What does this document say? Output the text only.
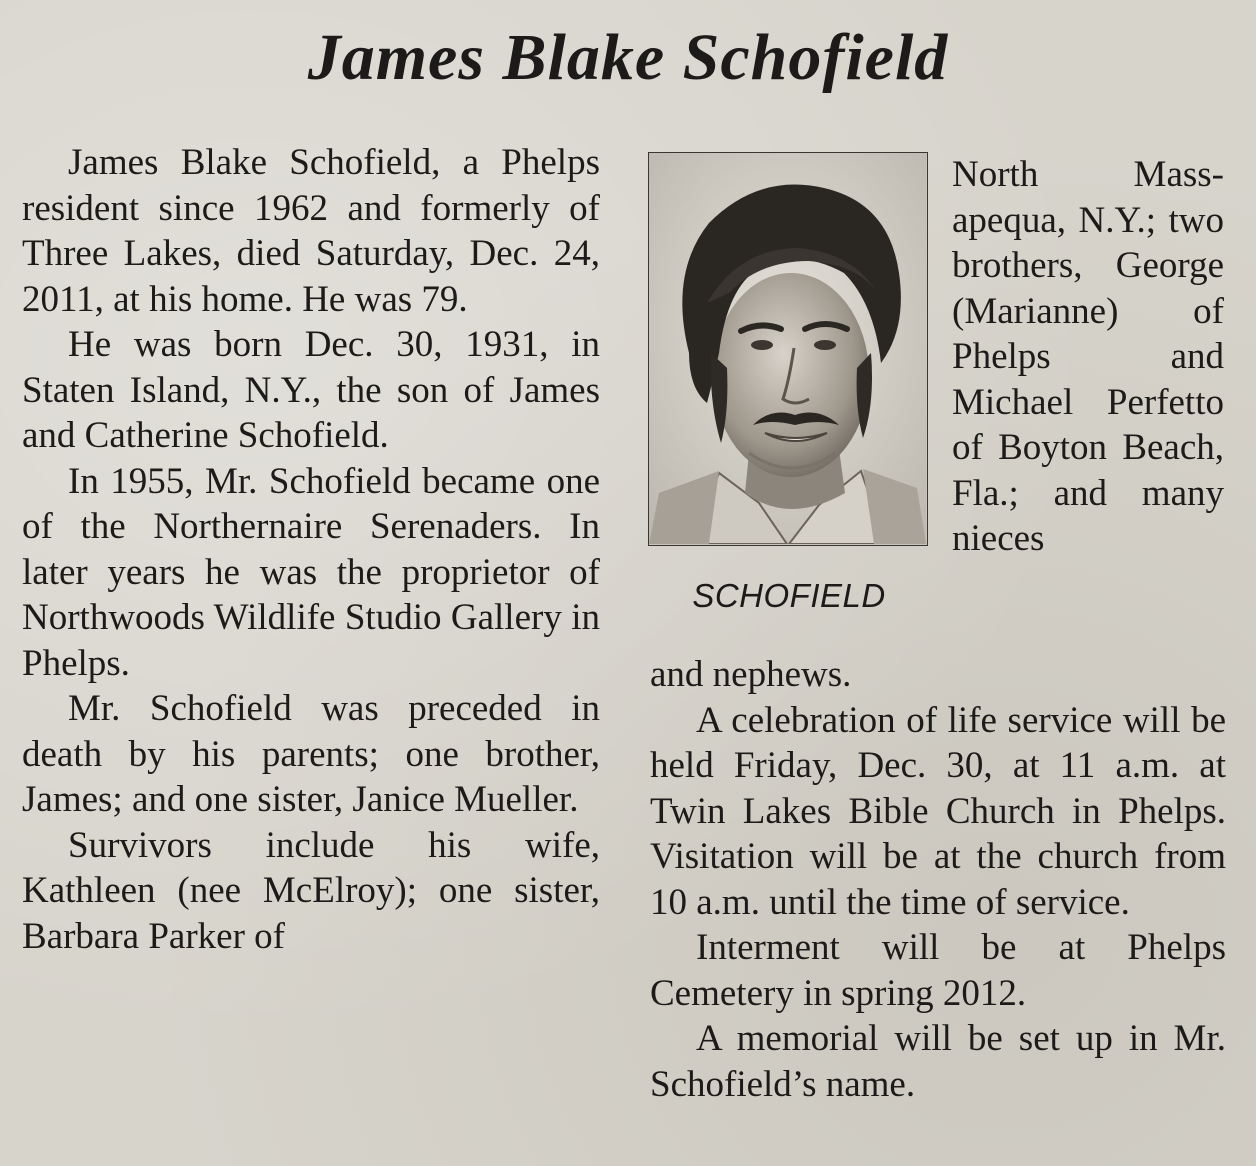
James Blake Schofield

James Blake Schofield, a Phelps resident since 1962 and formerly of Three Lakes, died Saturday, Dec. 24, 2011, at his home. He was 79.

He was born Dec. 30, 1931, in Staten Island, N.Y., the son of James and Catherine Schofield.

In 1955, Mr. Schofield became one of the Northernaire Serenaders. In later years he was the proprietor of Northwoods Wildlife Studio Gallery in Phelps.

Mr. Schofield was preceded in death by his parents; one brother, James; and one sister, Janice Mueller.

Survivors include his wife, Kathleen (nee McElroy); one sister, Barbara Parker of

SCHOFIELD

North Massapequa, N.Y.; two brothers, George (Marianne) of Phelps and Michael Perfetto of Boyton Beach, Fla.; and many nieces

and nephews.

A celebration of life service will be held Friday, Dec. 30, at 11 a.m. at Twin Lakes Bible Church in Phelps. Visitation will be at the church from 10 a.m. until the time of service.

Interment will be at Phelps Cemetery in spring 2012.

A memorial will be set up in Mr. Schofield’s name.
